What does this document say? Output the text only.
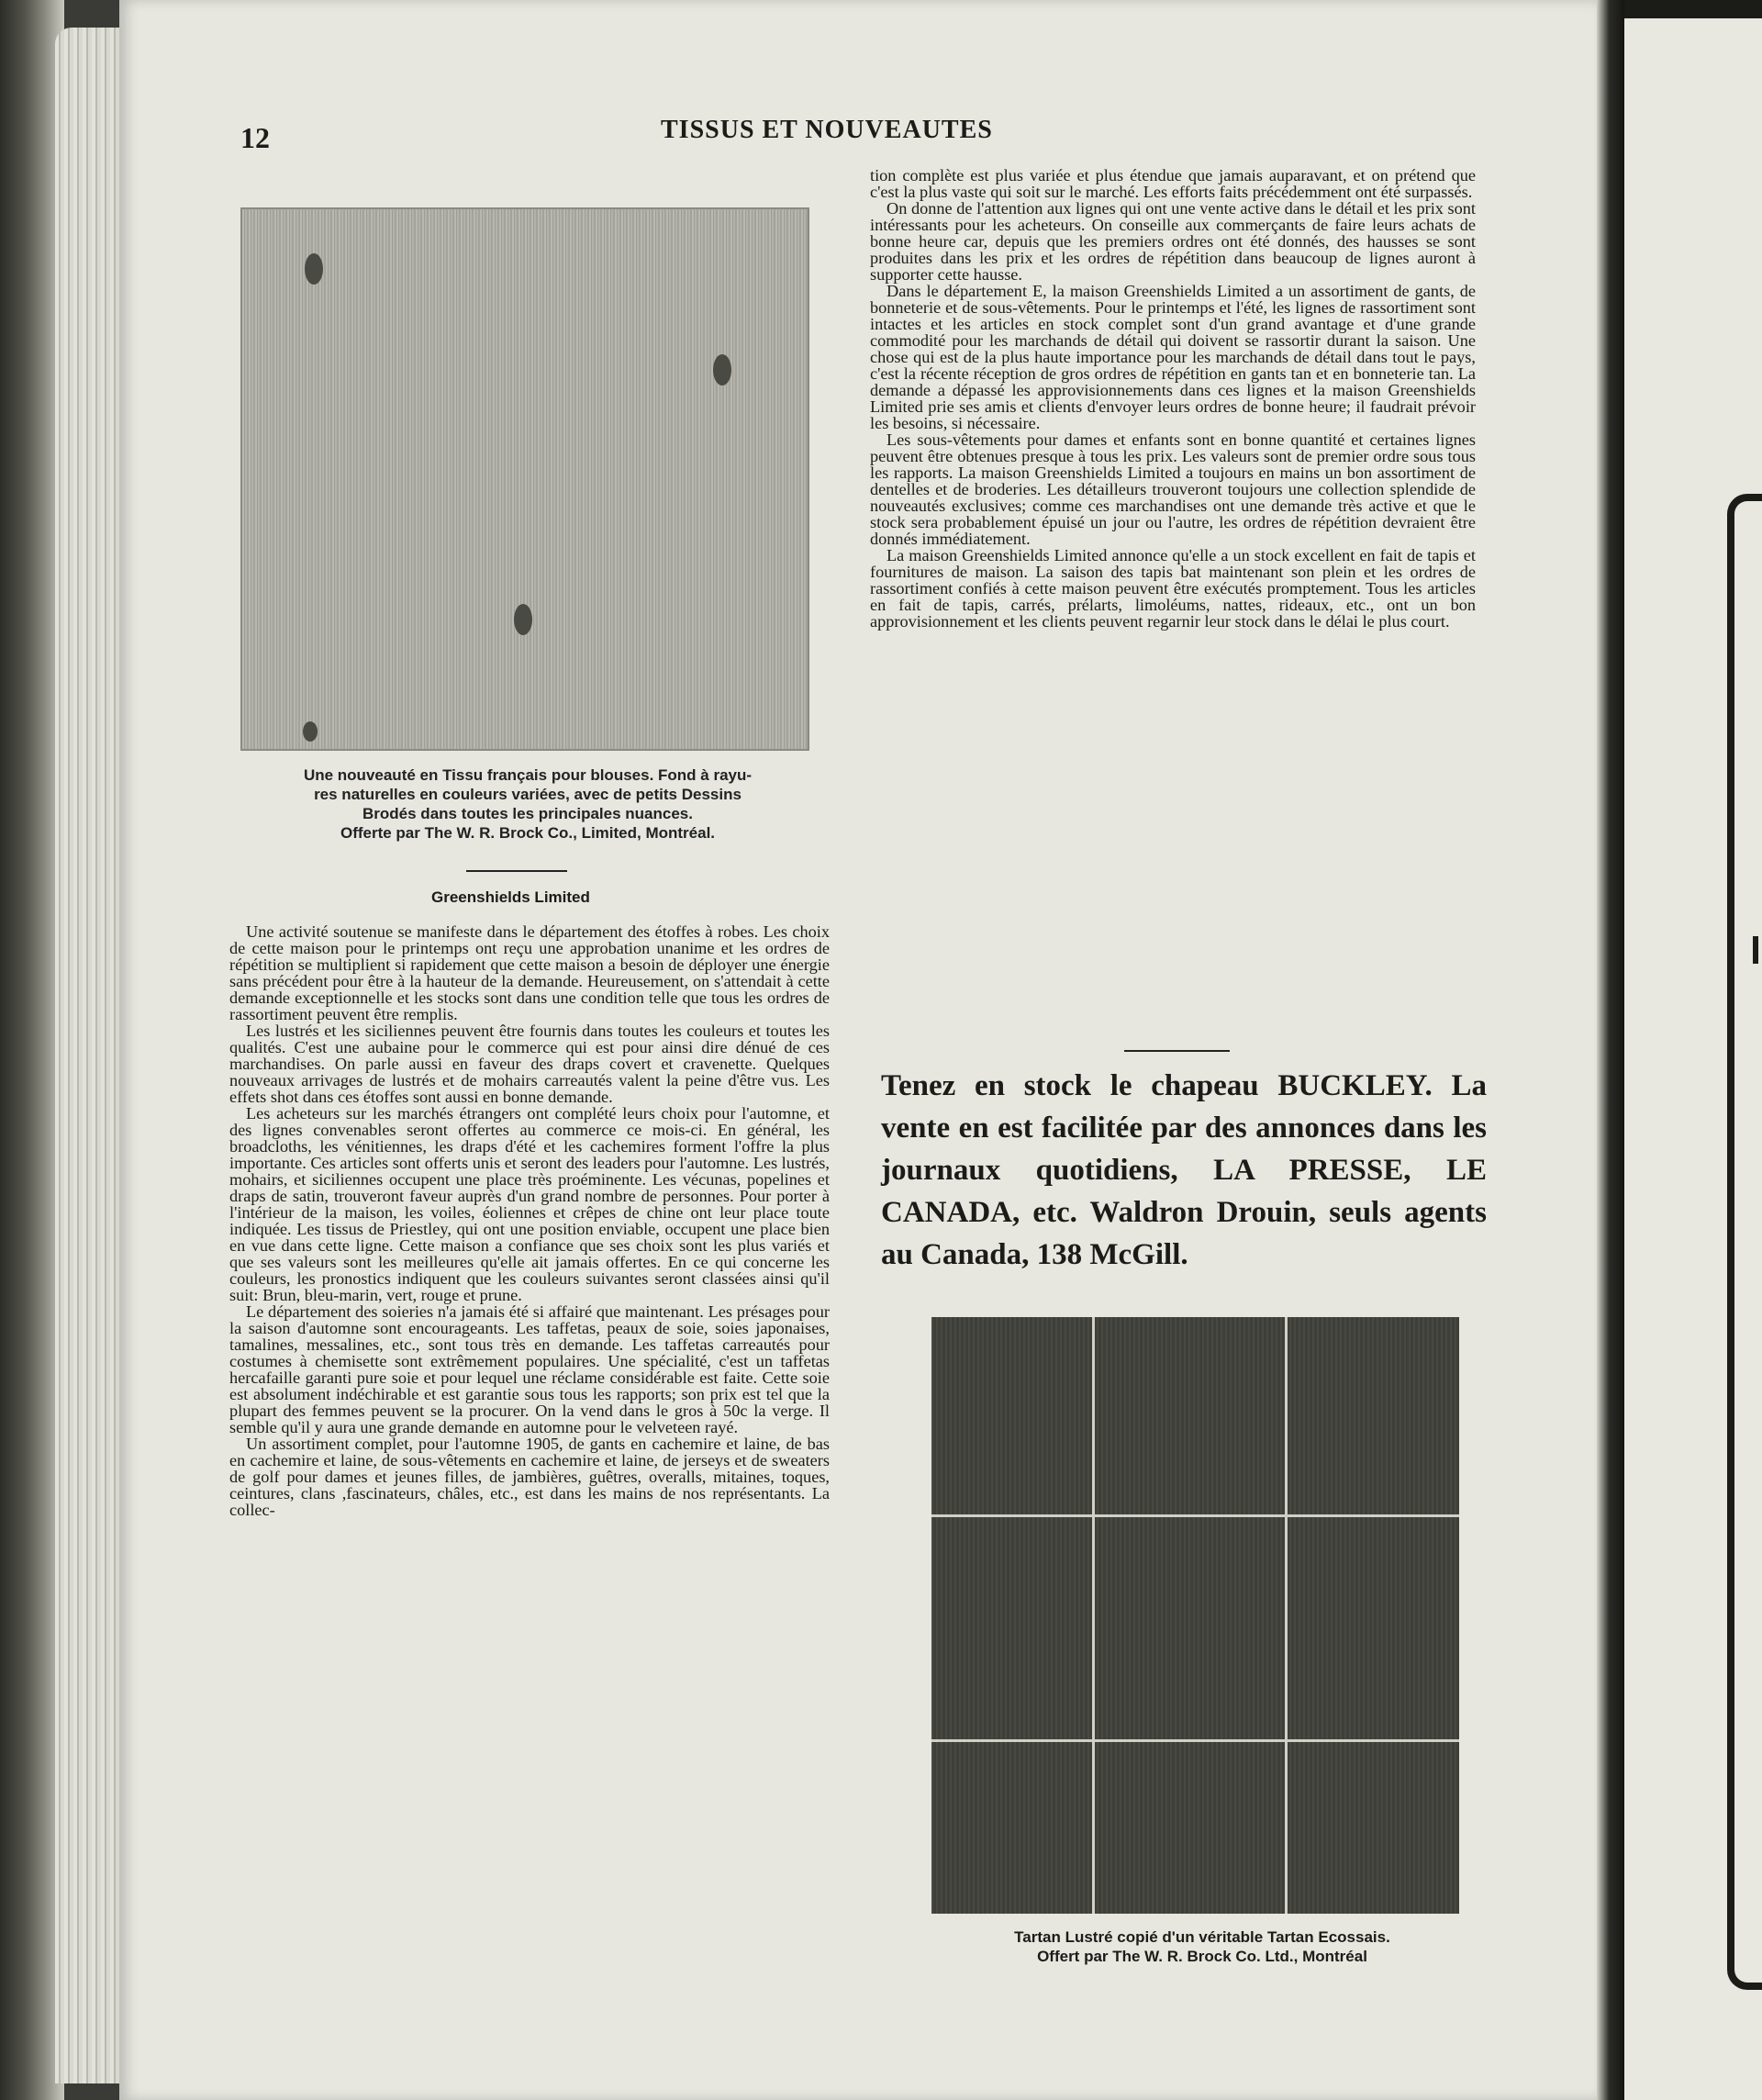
12	TISSUS ET NOUVEAUTES
Une nouveauté en Tissu français pour blouses. Fond à rayu-
res naturelles en couleurs variées, avec de petits Dessins
Brodés dans toutes les principales nuances.
Offerte par The W. R. Brock Co., Limited, Montréal.
Greenshields Limited

Une activité soutenue se manifeste dans le département des étoffes à robes. Les choix de cette maison pour le printemps ont reçu une approbation unanime et les ordres de répétition se multiplient si rapidement que cette maison a besoin de déployer une énergie sans précédent pour être à la hauteur de la demande. Heureusement, on s'attendait à cette demande exceptionnelle et les stocks sont dans une condition telle que tous les ordres de rassortiment peuvent être remplis.

Les lustrés et les siciliennes peuvent être fournis dans toutes les couleurs et toutes les qualités. C'est une aubaine pour le commerce qui est pour ainsi dire dénué de ces marchandises. On parle aussi en faveur des draps covert et cravenette. Quelques nouveaux arrivages de lustrés et de mohairs carreautés valent la peine d'être vus. Les effets shot dans ces étoffes sont aussi en bonne demande.

Les acheteurs sur les marchés étrangers ont complété leurs choix pour l'automne, et des lignes convenables seront offertes au commerce ce mois-ci. En général, les broadcloths, les vénitiennes, les draps d'été et les cachemires forment l'offre la plus importante. Ces articles sont offerts unis et seront des leaders pour l'automne. Les lustrés, mohairs, et siciliennes occupent une place très proéminente. Les vécunas, popelines et draps de satin, trouveront faveur auprès d'un grand nombre de personnes. Pour porter à l'intérieur de la maison, les voiles, éoliennes et crêpes de chine ont leur place toute indiquée. Les tissus de Priestley, qui ont une position enviable, occupent une place bien en vue dans cette ligne. Cette maison a confiance que ses choix sont les plus variés et que ses valeurs sont les meilleures qu'elle ait jamais offertes. En ce qui concerne les couleurs, les pronostics indiquent que les couleurs suivantes seront classées ainsi qu'il suit: Brun, bleu-marin, vert, rouge et prune.

Le département des soieries n'a jamais été si affairé que maintenant. Les présages pour la saison d'automne sont encourageants. Les taffetas, peaux de soie, soies japonaises, tamalines, messalines, etc., sont tous très en demande. Les taffetas carreautés pour costumes à chemisette sont extrêmement populaires. Une spécialité, c'est un taffetas hercafaille garanti pure soie et pour lequel une réclame considérable est faite. Cette soie est absolument indéchirable et est garantie sous tous les rapports; son prix est tel que la plupart des femmes peuvent se la procurer. On la vend dans le gros à 50c la verge. Il semble qu'il y aura une grande demande en automne pour le velveteen rayé.

Un assortiment complet, pour l'automne 1905, de gants en cachemire et laine, de bas en cachemire et laine, de sous-vêtements en cachemire et laine, de jerseys et de sweaters de golf pour dames et jeunes filles, de jambières, guêtres, overalls, mitaines, toques, ceintures, clans ,fascinateurs, châles, etc., est dans les mains de nos représentants. La collec-

tion complète est plus variée et plus étendue que jamais auparavant, et on prétend que c'est la plus vaste qui soit sur le marché. Les efforts faits précédemment ont été surpassés.

On donne de l'attention aux lignes qui ont une vente active dans le détail et les prix sont intéressants pour les acheteurs. On conseille aux commerçants de faire leurs achats de bonne heure car, depuis que les premiers ordres ont été donnés, des hausses se sont produites dans les prix et les ordres de répétition dans beaucoup de lignes auront à supporter cette hausse.

Dans le département E, la maison Greenshields Limited a un assortiment de gants, de bonneterie et de sous-vêtements. Pour le printemps et l'été, les lignes de rassortiment sont intactes et les articles en stock complet sont d'un grand avantage et d'une grande commodité pour les marchands de détail qui doivent se rassortir durant la saison. Une chose qui est de la plus haute importance pour les marchands de détail dans tout le pays, c'est la récente réception de gros ordres de répétition en gants tan et en bonneterie tan. La demande a dépassé les approvisionnements dans ces lignes et la maison Greenshields Limited prie ses amis et clients d'envoyer leurs ordres de bonne heure; il faudrait prévoir les besoins, si nécessaire.

Les sous-vêtements pour dames et enfants sont en bonne quantité et certaines lignes peuvent être obtenues presque à tous les prix. Les valeurs sont de premier ordre sous tous les rapports. La maison Greenshields Limited a toujours en mains un bon assortiment de dentelles et de broderies. Les détailleurs trouveront toujours une collection splendide de nouveautés exclusives; comme ces marchandises ont une demande très active et que le stock sera probablement épuisé un jour ou l'autre, les ordres de répétition devraient être donnés immédiatement.

La maison Greenshields Limited annonce qu'elle a un stock excellent en fait de tapis et fournitures de maison. La saison des tapis bat maintenant son plein et les ordres de rassortiment confiés à cette maison peuvent être exécutés promptement. Tous les articles en fait de tapis, carrés, prélarts, limoléums, nattes, rideaux, etc., ont un bon approvisionnement et les clients peuvent regarnir leur stock dans le délai le plus court.

Tenez en stock le chapeau BUCKLEY. La vente en est facilitée par des annonces dans les journaux quotidiens, LA PRESSE, LE CANADA, etc. Waldron Drouin, seuls agents au Canada, 138 McGill.
Tartan Lustré copié d'un véritable Tartan Ecossais.
Offert par The W. R. Brock Co. Ltd., Montréal
